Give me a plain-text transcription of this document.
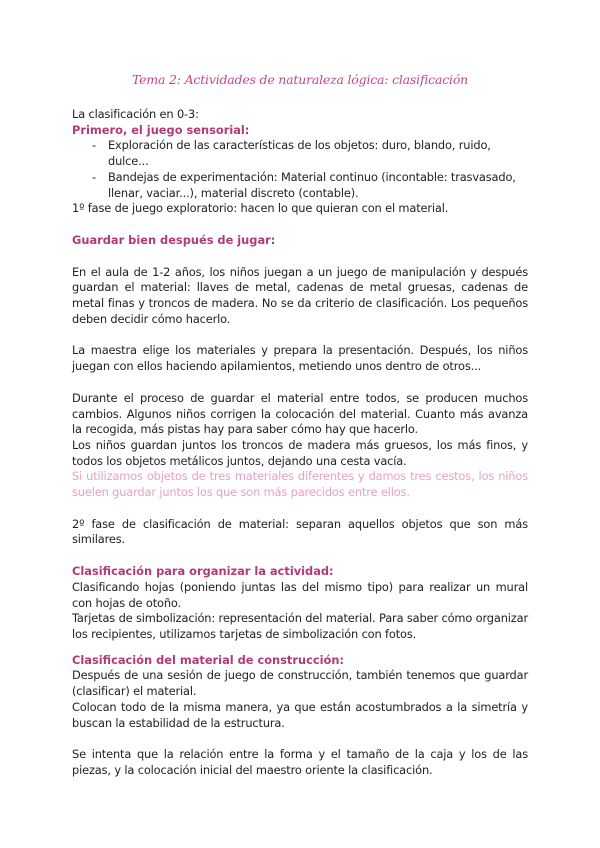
Tema 2: Actividades de naturaleza lógica: clasificación

La clasificación en 0-3:

Primero, el juego sensorial:
- Exploración de las características de los objetos: duro, blando, ruido, dulce...
- Bandejas de experimentación: Material continuo (incontable: trasvasado, llenar, vaciar...), material discreto (contable).

1º fase de juego exploratorio: hacen lo que quieran con el material.

Guardar bien después de jugar:

En el aula de 1-2 años, los niños juegan a un juego de manipulación y después guardan el material: llaves de metal, cadenas de metal gruesas, cadenas de metal finas y troncos de madera. No se da criterio de clasificación. Los pequeños deben decidir cómo hacerlo.

La maestra elige los materiales y prepara la presentación. Después, los niños juegan con ellos haciendo apilamientos, metiendo unos dentro de otros...

Durante el proceso de guardar el material entre todos, se producen muchos cambios. Algunos niños corrigen la colocación del material. Cuanto más avanza la recogida, más pistas hay para saber cómo hay que hacerlo.

Los niños guardan juntos los troncos de madera más gruesos, los más finos, y todos los objetos metálicos juntos, dejando una cesta vacía.

Si utilizamos objetos de tres materiales diferentes y damos tres cestos, los niños suelen guardar juntos los que son más parecidos entre ellos.

2º fase de clasificación de material: separan aquellos objetos que son más similares.

Clasificación para organizar la actividad:

Clasificando hojas (poniendo juntas las del mismo tipo) para realizar un mural con hojas de otoño.

Tarjetas de simbolización: representación del material. Para saber cómo organizar los recipientes, utilizamos tarjetas de simbolización con fotos.

Clasificación del material de construcción:

Después de una sesión de juego de construcción, también tenemos que guardar (clasificar) el material.

Colocan todo de la misma manera, ya que están acostumbrados a la simetría y buscan la estabilidad de la estructura.

Se intenta que la relación entre la forma y el tamaño de la caja y los de las piezas, y la colocación inicial del maestro oriente la clasificación.
